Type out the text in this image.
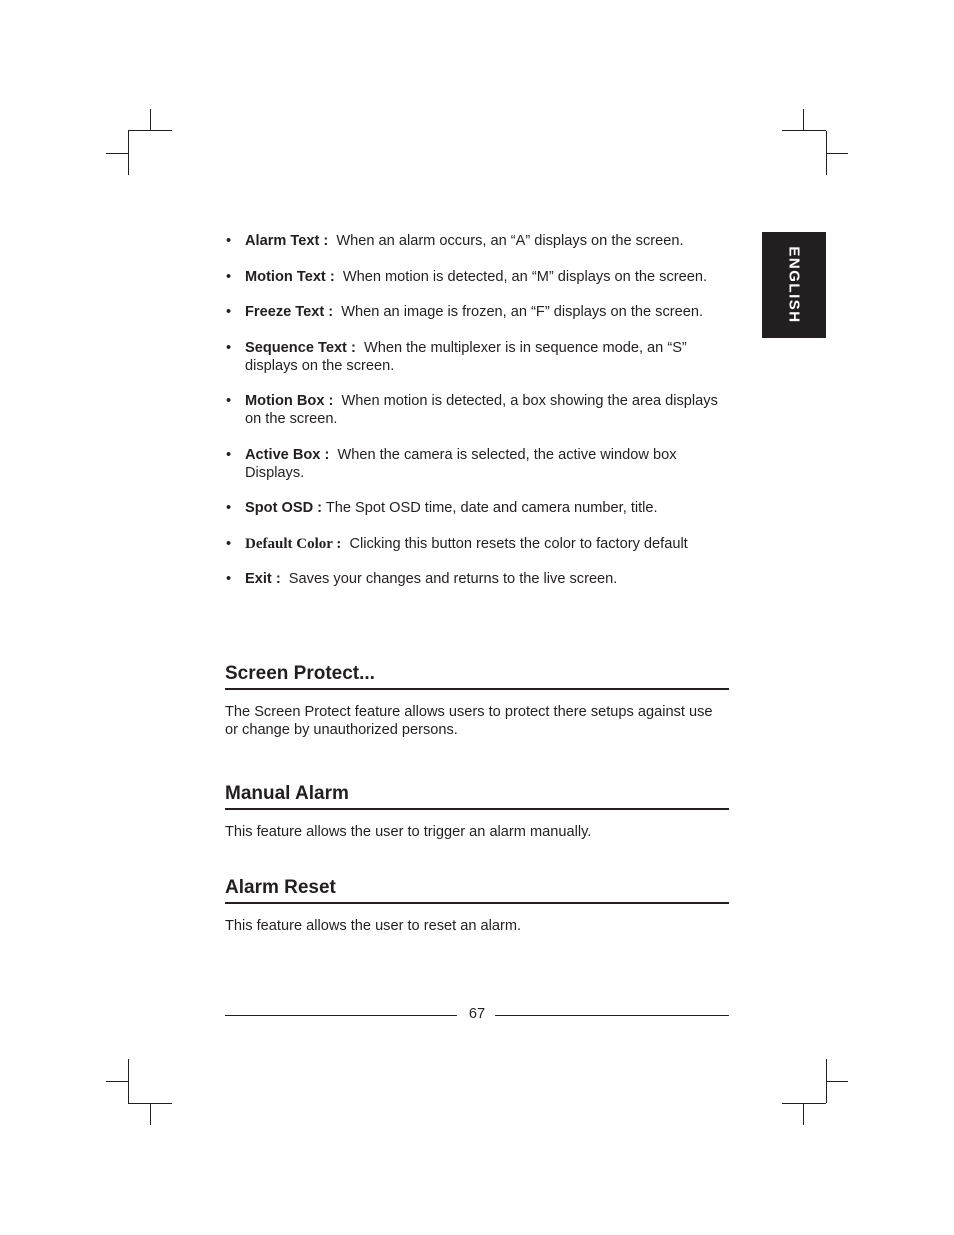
ENGLISH
• Alarm Text : When an alarm occurs, an “A” displays on the screen.
• Motion Text : When motion is detected, an “M” displays on the screen.
• Freeze Text : When an image is frozen, an “F” displays on the screen.
• Sequence Text : When the multiplexer is in sequence mode, an “S” displays on the screen.
• Motion Box : When motion is detected, a box showing the area displays on the screen.
• Active Box : When the camera is selected, the active window box Displays.
• Spot OSD : The Spot OSD time, date and camera number, title.
• Default Color : Clicking this button resets the color to factory default
• Exit : Saves your changes and returns to the live screen.
Screen Protect...

The Screen Protect feature allows users to protect there setups against use or change by unauthorized persons.

Manual Alarm

This feature allows the user to trigger an alarm manually.

Alarm Reset

This feature allows the user to reset an alarm.

67
